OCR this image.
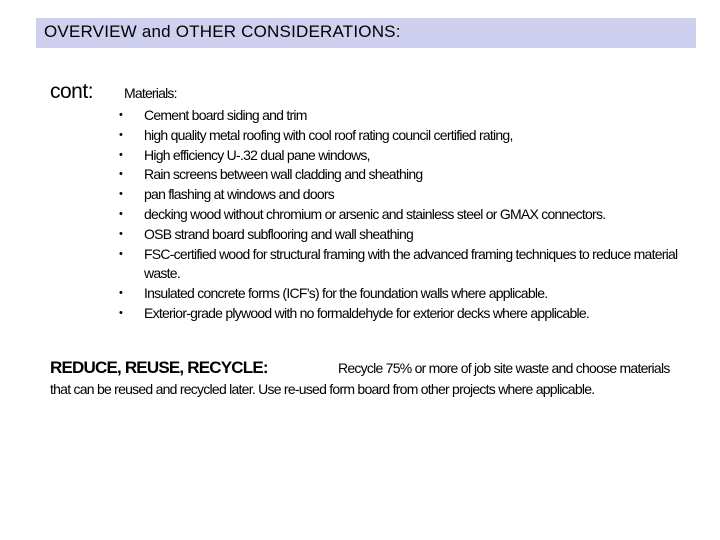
OVERVIEW and OTHER CONSIDERATIONS:
cont: Materials:
• Cement board siding and trim
• high quality metal roofing with cool roof rating council certified rating,
• High efficiency U-.32 dual pane windows,
• Rain screens between wall cladding and sheathing
• pan flashing at windows and doors
• decking wood without chromium or arsenic and stainless steel or GMAX connectors.
• OSB strand board subflooring and wall sheathing
• FSC-certified wood for structural framing with the advanced framing techniques to reduce material waste.
• Insulated concrete forms (ICF’s) for the foundation walls where applicable.
• Exterior-grade plywood with no formaldehyde for exterior decks where applicable.
REDUCE, REUSE, RECYCLE:	Recycle 75% or more of job site waste and choose materials
that can be reused and recycled later. Use re-used form board from other projects where applicable.
